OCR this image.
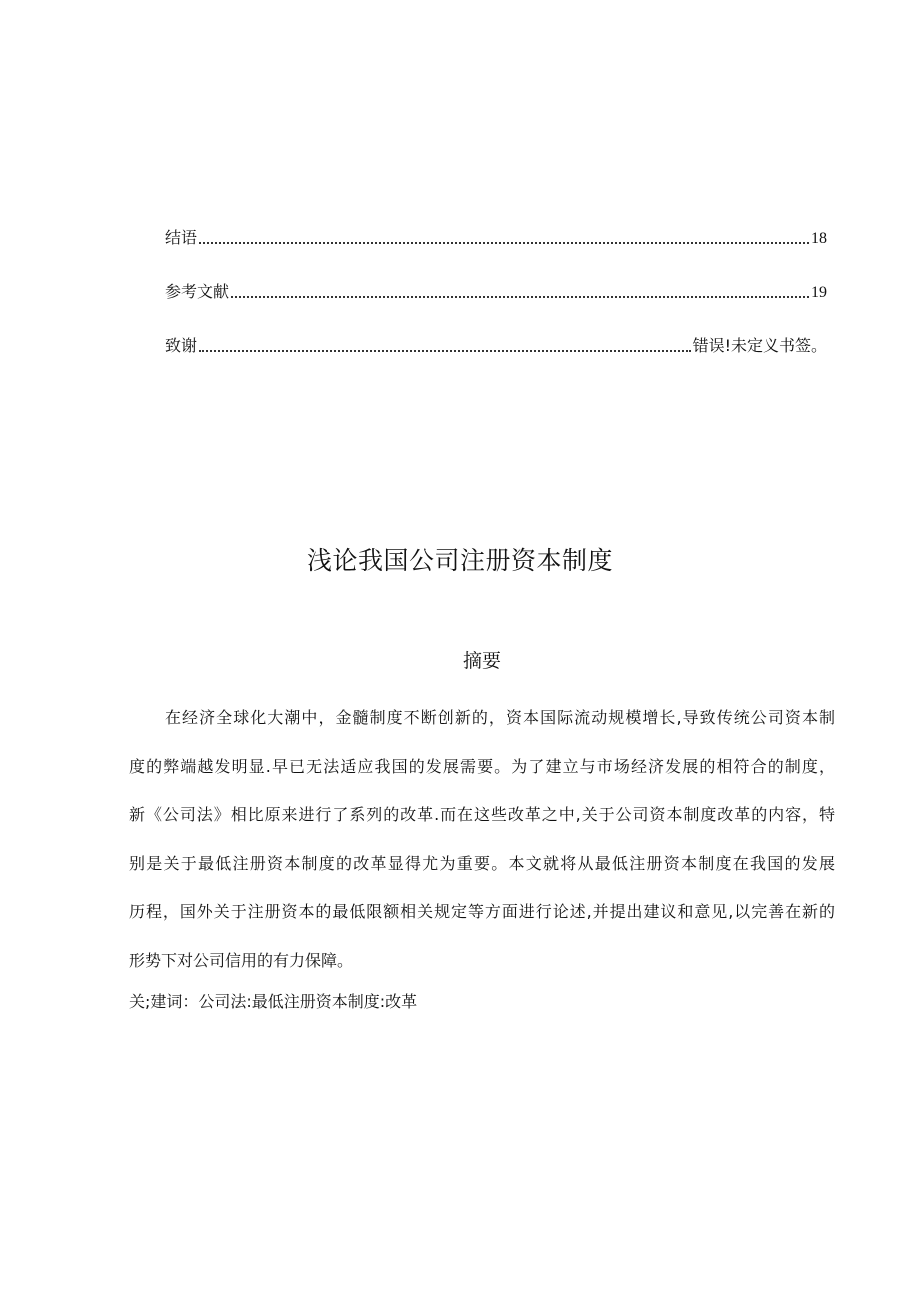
结语	18
参考文献	19
致谢	错误!未定义书签。
浅论我国公司注册资本制度
摘要

在经济全球化大潮中，金髓制度不断创新的，资本国际流动规模增长,导致传统公司资本制
度的弊端越发明显.早已无法适应我国的发展需要。为了建立与市场经济发展的相符合的制度，
新《公司法》相比原来进行了系列的改革.而在这些改革之中,关于公司资本制度改革的内容，特
别是关于最低注册资本制度的改革显得尤为重要。本文就将从最低注册资本制度在我国的发展
历程，国外关于注册资本的最低限额相关规定等方面进行论述,并提出建议和意见,以完善在新的
形势下对公司信用的有力保障。

关;建词：公司法:最低注册资本制度:改革
